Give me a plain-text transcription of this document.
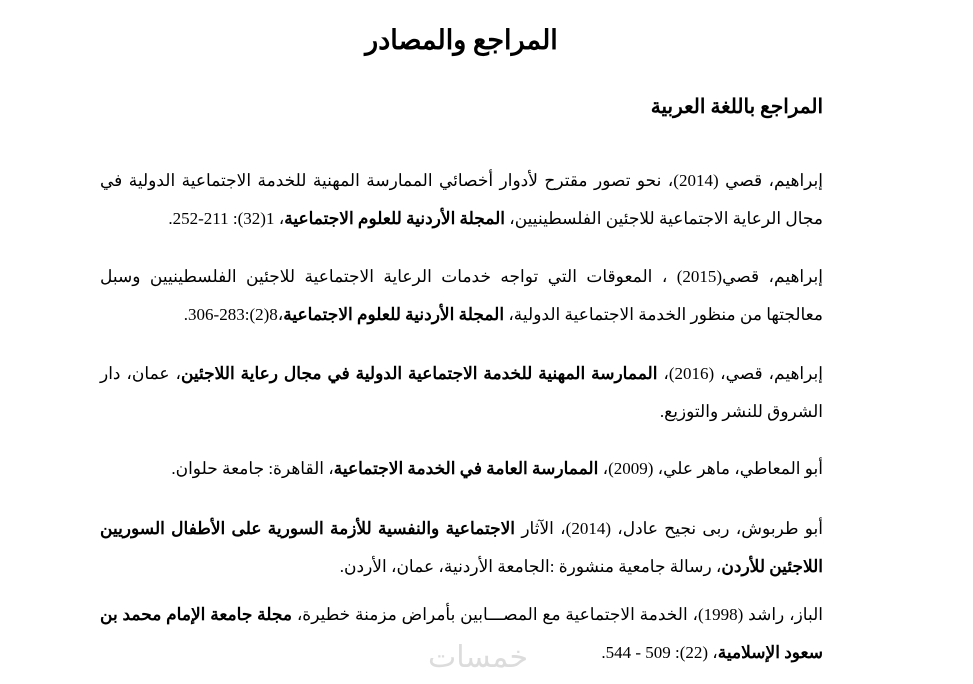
المراجع والمصادر
المراجع باللغة العربية
إبراهيم، قصي (2014)، نحو تصور مقترح لأدوار أخصائي الممارسة المهنية للخدمة الاجتماعية الدولية في مجال الرعاية الاجتماعية للاجئين الفلسطينيين، المجلة الأردنية للعلوم الاجتماعية، 1(32): 211-252.
إبراهيم، قصي(2015) ، المعوقات التي تواجه خدمات الرعاية الاجتماعية للاجئين الفلسطينيين وسبل معالجتها من منظور الخدمة الاجتماعية الدولية، المجلة الأردنية للعلوم الاجتماعية،8(2):283-306.
إبراهيم، قصي، (2016)، الممارسة المهنية للخدمة الاجتماعية الدولية في مجال رعاية اللاجئين، عمان، دار الشروق للنشر والتوزيع.
أبو المعاطي، ماهر علي، (2009)، الممارسة العامة في الخدمة الاجتماعية، القاهرة: جامعة حلوان.
أبو طربوش، ربى نجيح عادل، (2014)، الآثار الاجتماعية والنفسية للأزمة السورية على الأطفال السوريين اللاجئين للأردن، رسالة جامعية منشورة :الجامعة الأردنية، عمان، الأردن.
الباز، راشد (1998)، الخدمة الاجتماعية مع المصـــابين بأمراض مزمنة خطيرة، مجلة جامعة الإمام محمد بن سعود الإسلامية، (22): 509 - 544.
خمسات
